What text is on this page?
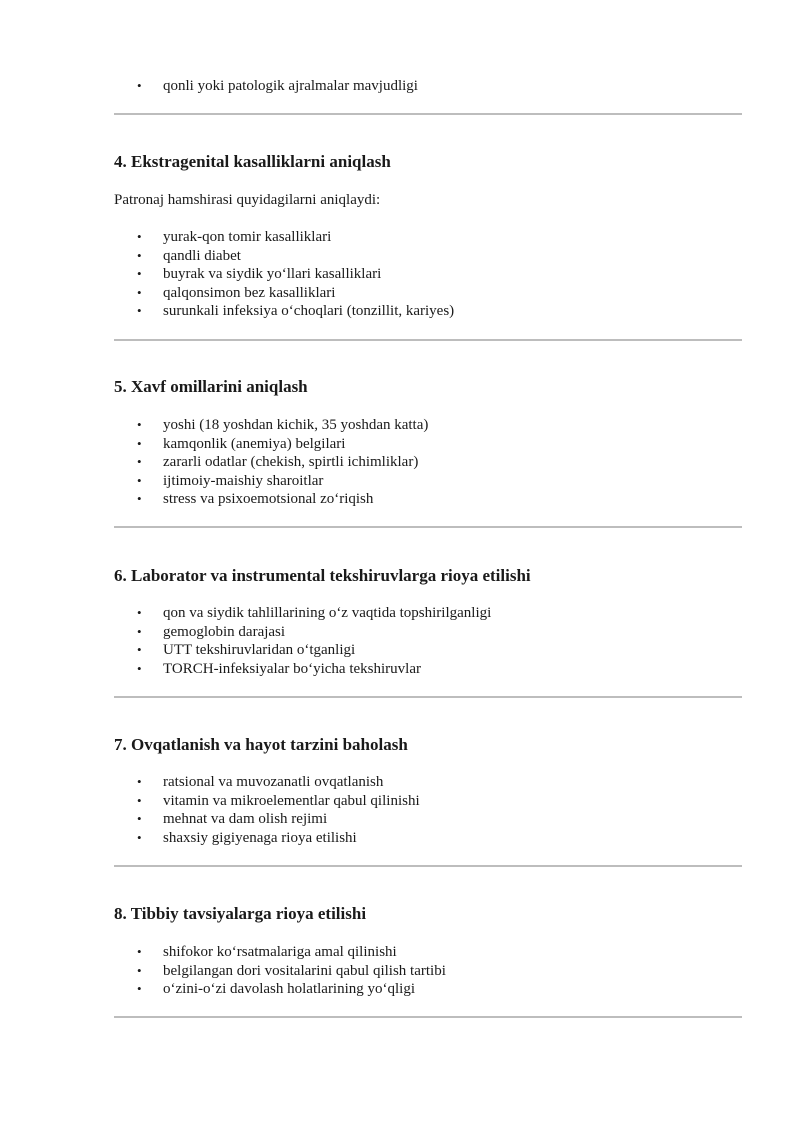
• qonli yoki patologik ajralmalar mavjudligi
4. Ekstragenital kasalliklarni aniqlash

Patronaj hamshirasi quyidagilarni aniqlaydi:

• yurak-qon tomir kasalliklari
• qandli diabet
• buyrak va siydik yo‘llari kasalliklari
• qalqonsimon bez kasalliklari
• surunkali infeksiya o‘choqlari (tonzillit, kariyes)
5. Xavf omillarini aniqlash
• yoshi (18 yoshdan kichik, 35 yoshdan katta)
• kamqonlik (anemiya) belgilari
• zararli odatlar (chekish, spirtli ichimliklar)
• ijtimoiy-maishiy sharoitlar
• stress va psixoemotsional zo‘riqish
6. Laborator va instrumental tekshiruvlarga rioya etilishi
• qon va siydik tahlillarining o‘z vaqtida topshirilganligi
• gemoglobin darajasi
• UTT tekshiruvlaridan o‘tganligi
• TORCH-infeksiyalar bo‘yicha tekshiruvlar
7. Ovqatlanish va hayot tarzini baholash
• ratsional va muvozanatli ovqatlanish
• vitamin va mikroelementlar qabul qilinishi
• mehnat va dam olish rejimi
• shaxsiy gigiyenaga rioya etilishi
8. Tibbiy tavsiyalarga rioya etilishi
• shifokor ko‘rsatmalariga amal qilinishi
• belgilangan dori vositalarini qabul qilish tartibi
• o‘zini-o‘zi davolash holatlarining yo‘qligi
